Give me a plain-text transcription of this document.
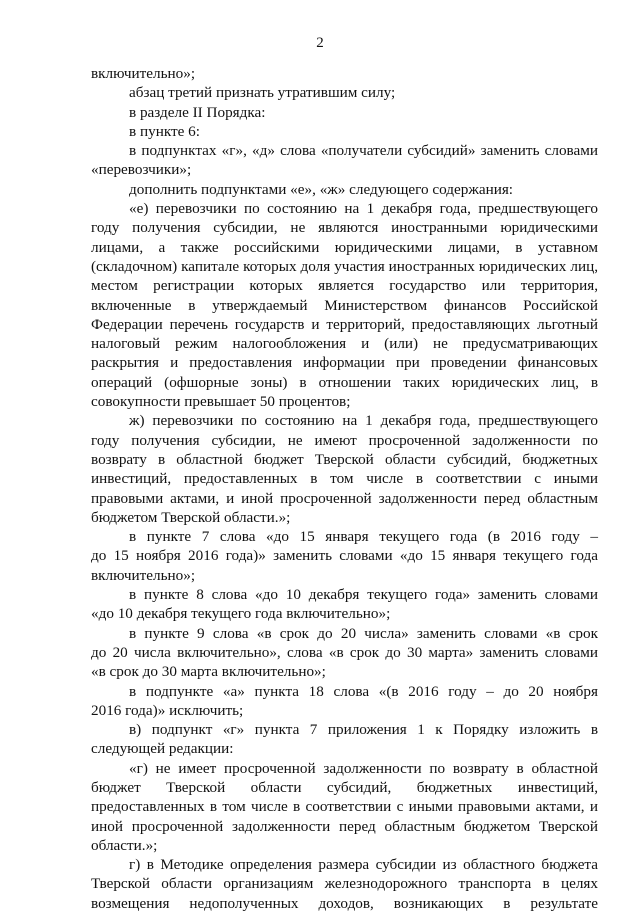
2
включительно»;
абзац третий признать утратившим силу;
в разделе II Порядка:
в пункте 6:
в подпунктах «г», «д» слова «получатели субсидий» заменить словами
«перевозчики»;
дополнить подпунктами «е», «ж» следующего содержания:
«е) перевозчики по состоянию на 1 декабря года, предшествующего
году получения субсидии, не являются иностранными юридическими
лицами, а также российскими юридическими лицами, в уставном
(складочном) капитале которых доля участия иностранных юридических лиц,
местом регистрации которых является государство или территория,
включенные в утверждаемый Министерством финансов Российской
Федерации перечень государств и территорий, предоставляющих льготный
налоговый режим налогообложения и (или) не предусматривающих
раскрытия и предоставления информации при проведении финансовых
операций (офшорные зоны) в отношении таких юридических лиц, в
совокупности превышает 50 процентов;
ж) перевозчики по состоянию на 1 декабря года, предшествующего
году получения субсидии, не имеют просроченной задолженности по
возврату в областной бюджет Тверской области субсидий, бюджетных
инвестиций, предоставленных в том числе в соответствии с иными
правовыми актами, и иной просроченной задолженности перед областным
бюджетом Тверской области.»;
в пункте 7 слова «до 15 января текущего года (в 2016 году –
до 15 ноября 2016 года)» заменить словами «до 15 января текущего года
включительно»;
в пункте 8 слова «до 10 декабря текущего года» заменить словами
«до 10 декабря текущего года включительно»;
в пункте 9 слова «в срок до 20 числа» заменить словами «в срок
до 20 числа включительно», слова «в срок до 30 марта» заменить словами
«в срок до 30 марта включительно»;
в подпункте «а» пункта 18 слова «(в 2016 году – до 20 ноября
2016 года)» исключить;
в) подпункт «г» пункта 7 приложения 1 к Порядку изложить в
следующей редакции:
«г) не имеет просроченной задолженности по возврату в областной
бюджет Тверской области субсидий, бюджетных инвестиций,
предоставленных в том числе в соответствии с иными правовыми актами, и
иной просроченной задолженности перед областным бюджетом Тверской
области.»;
г) в Методике определения размера субсидии из областного бюджета
Тверской области организациям железнодорожного транспорта в целях
возмещения недополученных доходов, возникающих в результате
